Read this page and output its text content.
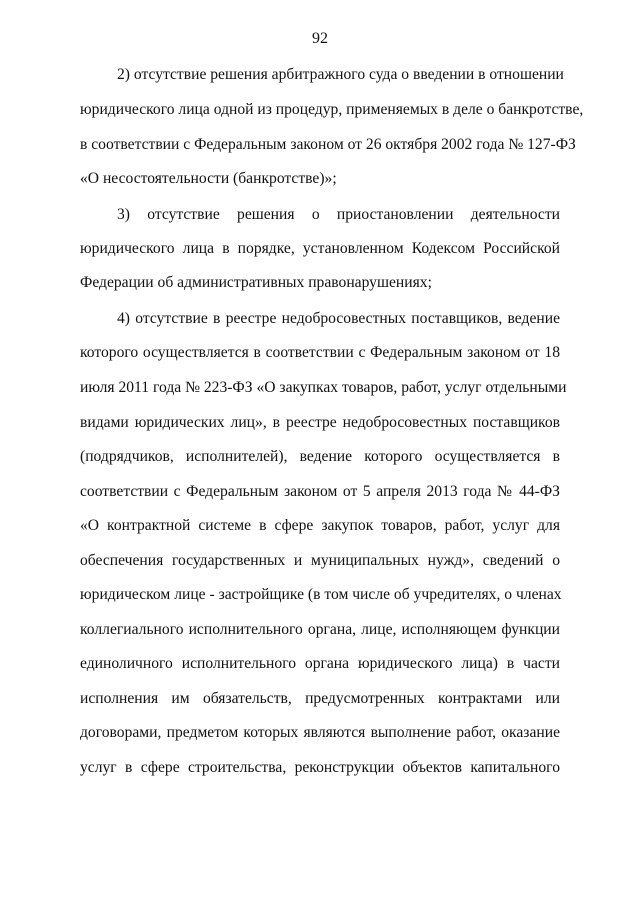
92
2) отсутствие решения арбитражного суда о введении в отношении
юридического лица одной из процедур, применяемых в деле о банкротстве,
в соответствии с Федеральным законом от 26 октября 2002 года № 127-ФЗ
«О несостоятельности (банкротстве)»;
3) отсутствие решения о приостановлении деятельности
юридического лица в порядке, установленном Кодексом Российской
Федерации об административных правонарушениях;
4) отсутствие в реестре недобросовестных поставщиков, ведение
которого осуществляется в соответствии с Федеральным законом от 18
июля 2011 года № 223-ФЗ «О закупках товаров, работ, услуг отдельными
видами юридических лиц», в реестре недобросовестных поставщиков
(подрядчиков, исполнителей), ведение которого осуществляется в
соответствии с Федеральным законом от 5 апреля 2013 года № 44-ФЗ
«О контрактной системе в сфере закупок товаров, работ, услуг для
обеспечения государственных и муниципальных нужд», сведений о
юридическом лице - застройщике (в том числе об учредителях, о членах
коллегиального исполнительного органа, лице, исполняющем функции
единоличного исполнительного органа юридического лица) в части
исполнения им обязательств, предусмотренных контрактами или
договорами, предметом которых являются выполнение работ, оказание
услуг в сфере строительства, реконструкции объектов капитального
